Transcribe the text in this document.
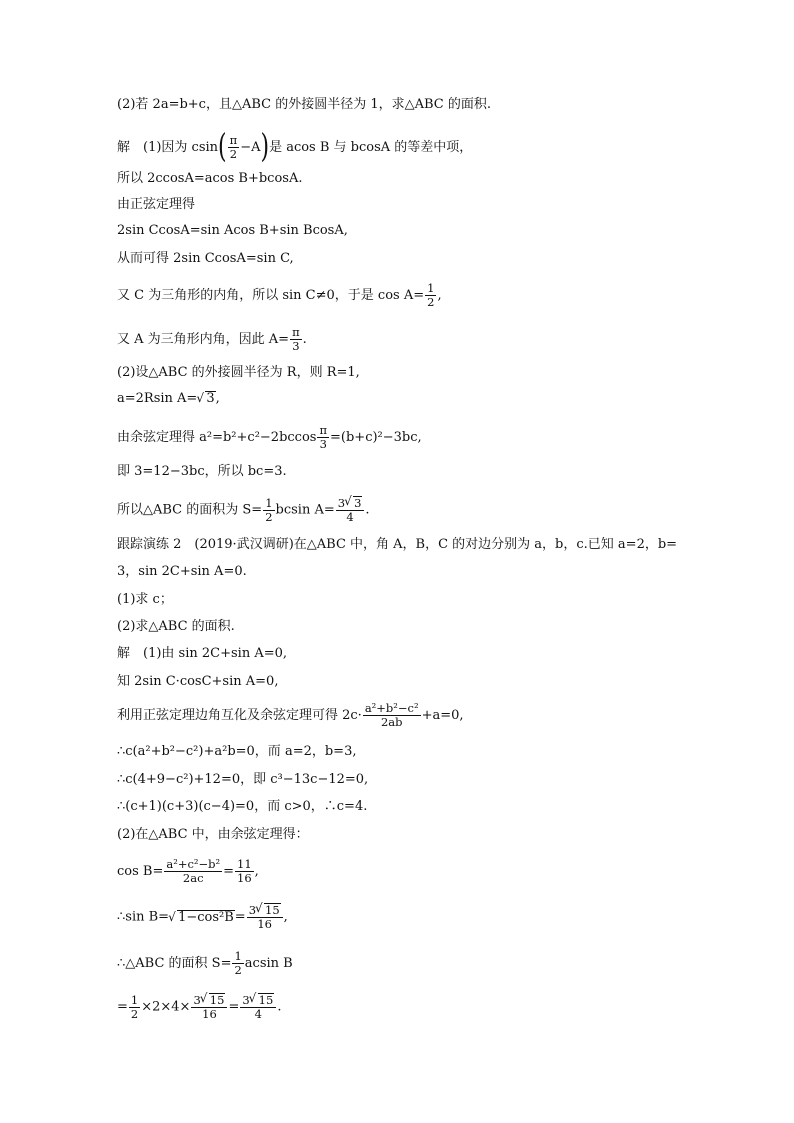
(2)若 2a=b+c，且△ABC 的外接圆半径为 1，求△ABC 的面积.
解　(1)因为 $csin( \frac{\pi}{2} -A)$是 acos B 与 bcosA 的等差中项，
所以 2ccosA=acos B+bcosA.
由正弦定理得
2sin CcosA=sin Acos B+sin BcosA,
从而可得 2sin CcosA=sin C,
又 C 为三角形的内角，所以 sin C≠0，于是 $\cos A= \frac{1}{2}$ ,
又 A 为三角形内角，因此 $A= \frac{\pi}{3}$ .
(2)设△ABC 的外接圆半径为 R，则 R=1,
a=2Rsin A= √ 3,
由余弦定理得 $a^2=b^2+c^2-2bccos \frac{\pi}{3} =(b+c)^2-3bc$,
即 3=12−3bc，所以 bc=3.
所以△ABC 的面积为 $S= \frac{1}{2}$ bcsin $A= \frac{3 √ 3}{4}$ .
跟踪演练 2　(2019·武汉调研)在△ABC 中，角 A，B，C 的对边分别为 a，b，c.已知 a=2，b=
3，sin 2C+sin A=0.
(1)求 c；
(2)求△ABC 的面积.
解　(1)由 sin 2C+sin A=0,
知 2sin C·cosC+sin A=0,
利用正弦定理边角互化及余弦定理可得 $2c\cdot \frac{\text{a²+b²−c²}}{2ab} +a=0$,
∴c(a²+b²−c²)+a²b=0，而 a=2，b=3,
∴c(4+9−c²)+12=0，即 c³−13c−12=0,
∴(c+1)(c+3)(c−4)=0，而 c>0，∴c=4.
(2)在△ABC 中，由余弦定理得：
$\cos B= \frac{\text{a²+c²−b²}}{2ac} = \frac{11}{16}$ ,
∴sin B= √ $1-\cos^2B= \frac{3 √ 15}{16}$ ,
∴△ABC 的面积 $S= \frac{1}{2}$ acsin B
= $\frac{1}{2} \times 2\times 4\times \frac{3 √ 15}{16} = \frac{3 √ 15}{4}$ .
